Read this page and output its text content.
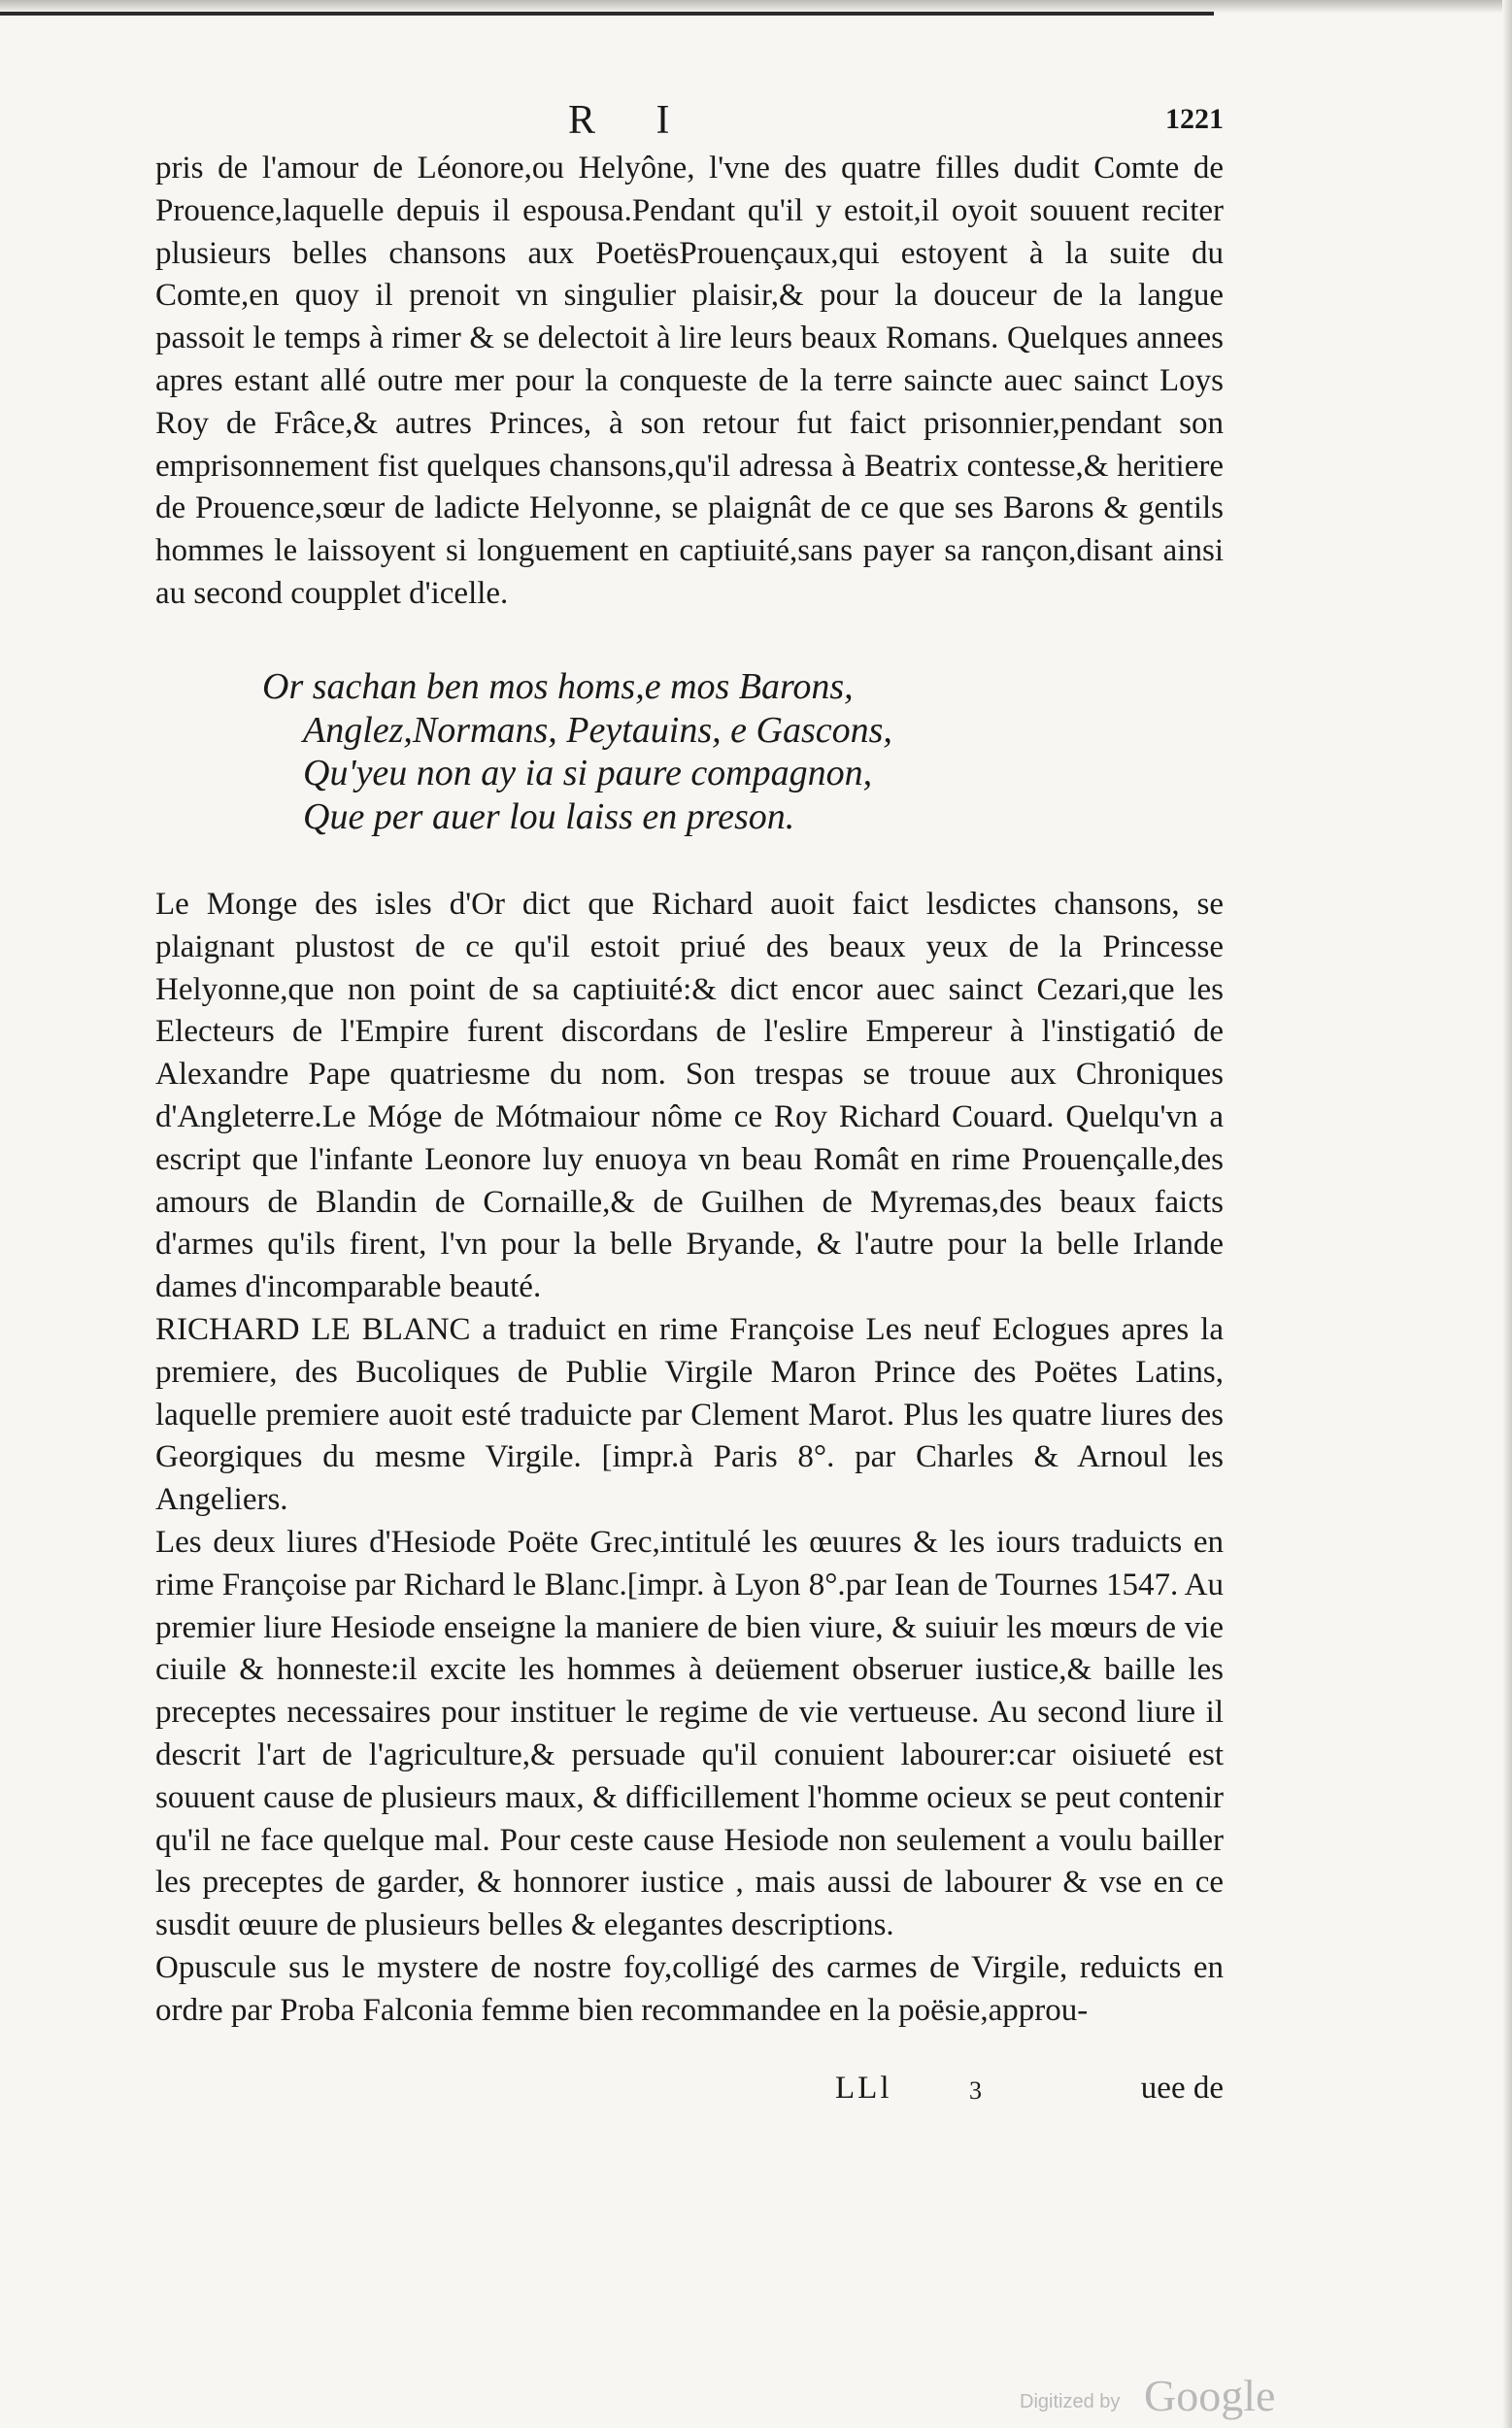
R I	1221

pris de l'amour de Léonore,ou Helyône, l'vne des quatre filles dudit Comte de Prouence,laquelle depuis il espousa.Pendant qu'il y estoit,il oyoit souuent reciter plusieurs belles chansons aux PoetësProuençaux,qui estoyent à la suite du Comte,en quoy il prenoit vn singulier plaisir,& pour la douceur de la langue passoit le temps à rimer & se delectoit à lire leurs beaux Romans. Quelques annees apres estant allé outre mer pour la conqueste de la terre saincte auec sainct Loys Roy de Frâce,& autres Princes, à son retour fut faict prisonnier,pendant son emprisonnement fist quelques chansons,qu'il adressa à Beatrix contesse,& heritiere de Prouence,sœur de ladicte Helyonne, se plaignât de ce que ses Barons & gentils hommes le laissoyent si longuement en captiuité,sans payer sa rançon,disant ainsi au second coupplet d'icelle.

Or sachan ben mos homs,e mos Barons,
Anglez,Normans, Peytauins, e Gascons,
Qu'yeu non ay ia si paure compagnon,
Que per auer lou laiss en preson.

Le Monge des isles d'Or dict que Richard auoit faict lesdictes chansons, se plaignant plustost de ce qu'il estoit priué des beaux yeux de la Princesse Helyonne,que non point de sa captiuité:& dict encor auec sainct Cezari,que les Electeurs de l'Empire furent discordans de l'eslire Empereur à l'instigatió de Alexandre Pape quatriesme du nom. Son trespas se trouue aux Chroniques d'Angleterre.Le Móge de Mótmaiour nôme ce Roy Richard Couard. Quelqu'vn a escript que l'infante Leonore luy enuoya vn beau Romât en rime Prouençalle,des amours de Blandin de Cornaille,& de Guilhen de Myremas,des beaux faicts d'armes qu'ils firent, l'vn pour la belle Bryande, & l'autre pour la belle Irlande dames d'incomparable beauté.

RICHARD LE BLANC a traduict en rime Françoise Les neuf Eclogues apres la premiere, des Bucoliques de Publie Virgile Maron Prince des Poëtes Latins, laquelle premiere auoit esté traduicte par Clement Marot. Plus les quatre liures des Georgiques du mesme Virgile. [impr.à Paris 8°. par Charles & Arnoul les Angeliers.

Les deux liures d'Hesiode Poëte Grec,intitulé les œuures & les iours traduicts en rime Françoise par Richard le Blanc.[impr. à Lyon 8°.par Iean de Tournes 1547. Au premier liure Hesiode enseigne la maniere de bien viure, & suiuir les mœurs de vie ciuile & honneste:il excite les hommes à deüement obseruer iustice,& baille les preceptes necessaires pour instituer le regime de vie vertueuse. Au second liure il descrit l'art de l'agriculture,& persuade qu'il conuient labourer:car oisiueté est souuent cause de plusieurs maux, & difficillement l'homme ocieux se peut contenir qu'il ne face quelque mal. Pour ceste cause Hesiode non seulement a voulu bailler les preceptes de garder, & honnorer iustice , mais aussi de labourer & vse en ce susdit œuure de plusieurs belles & elegantes descriptions.

Opuscule sus le mystere de nostre foy,colligé des carmes de Virgile, reduicts en ordre par Proba Falconia femme bien recommandee en la poësie,approu-

LLl	3	uee de
Digitized by Google
